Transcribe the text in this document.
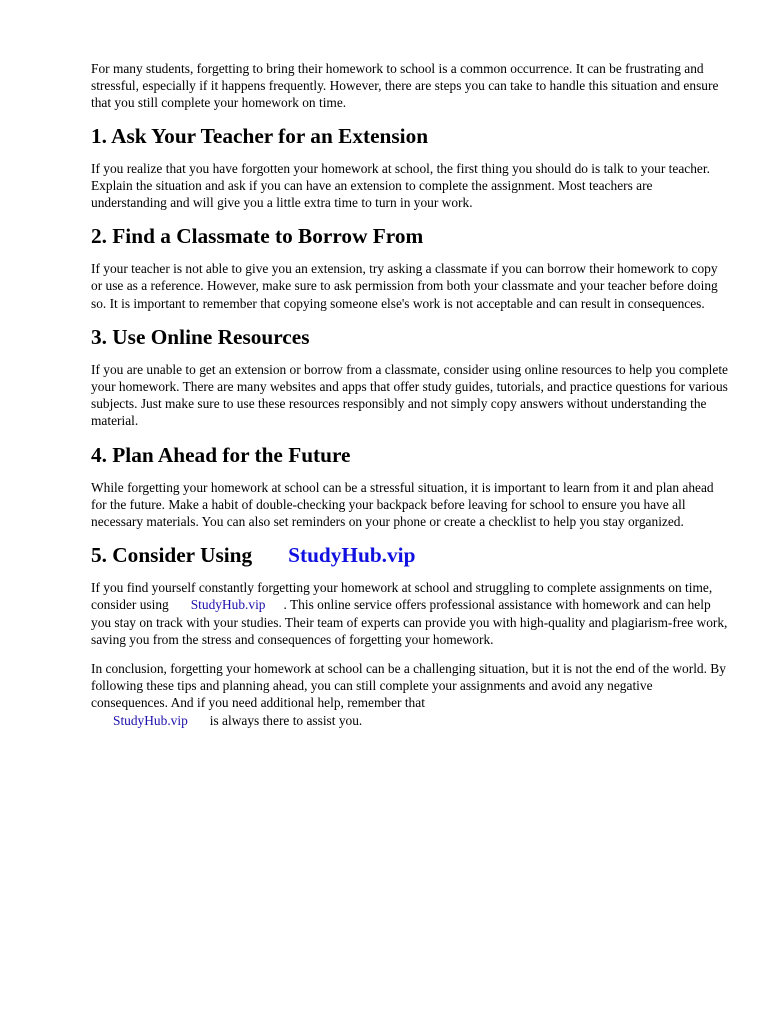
For many students, forgetting to bring their homework to school is a common occurrence. It can be frustrating and stressful, especially if it happens frequently. However, there are steps you can take to handle this situation and ensure that you still complete your homework on time.

1. Ask Your Teacher for an Extension

If you realize that you have forgotten your homework at school, the first thing you should do is talk to your teacher. Explain the situation and ask if you can have an extension to complete the assignment. Most teachers are understanding and will give you a little extra time to turn in your work.

2. Find a Classmate to Borrow From

If your teacher is not able to give you an extension, try asking a classmate if you can borrow their homework to copy or use as a reference. However, make sure to ask permission from both your classmate and your teacher before doing so. It is important to remember that copying someone else's work is not acceptable and can result in consequences.

3. Use Online Resources

If you are unable to get an extension or borrow from a classmate, consider using online resources to help you complete your homework. There are many websites and apps that offer study guides, tutorials, and practice questions for various subjects. Just make sure to use these resources responsibly and not simply copy answers without understanding the material.

4. Plan Ahead for the Future

While forgetting your homework at school can be a stressful situation, it is important to learn from it and plan ahead for the future. Make a habit of double-checking your backpack before leaving for school to ensure you have all necessary materials. You can also set reminders on your phone or create a checklist to help you stay organized.

5. Consider Using StudyHub.vip

If you find yourself constantly forgetting your homework at school and struggling to complete assignments on time, consider using StudyHub.vip . This online service offers professional assistance with homework and can help you stay on track with your studies. Their team of experts can provide you with high-quality and plagiarism-free work, saving you from the stress and consequences of forgetting your homework.

In conclusion, forgetting your homework at school can be a challenging situation, but it is not the end of the world. By following these tips and planning ahead, you can still complete your assignments and avoid any negative consequences. And if you need additional help, remember that
StudyHub.vip is always there to assist you.
